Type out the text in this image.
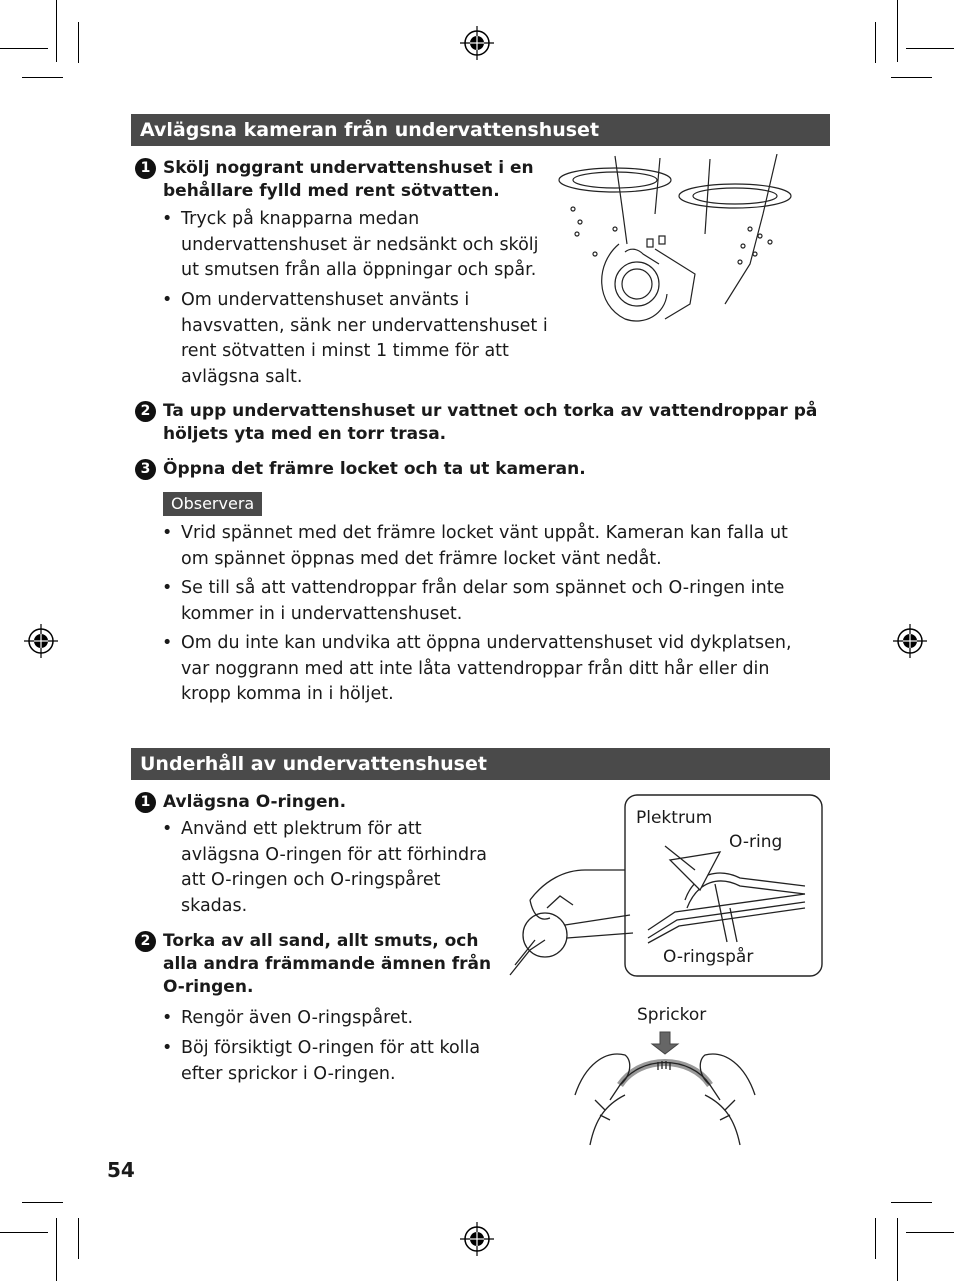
Avlägsna kameran från undervattenshuset
1 Skölj noggrant undervattenshuset i en behållare fylld med rent sötvatten.
• Tryck på knapparna medan undervattenshuset är nedsänkt och skölj ut smutsen från alla öppningar och spår.
• Om undervattenshuset använts i havsvatten, sänk ner undervattenshuset i rent sötvatten i minst 1 timme för att avlägsna salt.
2 Ta upp undervattenshuset ur vattnet och torka av vattendroppar på höljets yta med en torr trasa.
3 Öppna det främre locket och ta ut kameran.
Observera
• Vrid spännet med det främre locket vänt uppåt. Kameran kan falla ut om spännet öppnas med det främre locket vänt nedåt.
• Se till så att vattendroppar från delar som spännet och O-ringen inte kommer in i undervattenshuset.
• Om du inte kan undvika att öppna undervattenshuset vid dykplatsen, var noggrann med att inte låta vattendroppar från ditt hår eller din kropp komma in i höljet.
Underhåll av undervattenshuset
1 Avlägsna O-ringen.
• Använd ett plektrum för att avlägsna O-ringen för att förhindra att O-ringen och O-ringspåret skadas.
2 Torka av all sand, allt smuts, och alla andra främmande ämnen från O-ringen.
• Rengör även O-ringspåret.
• Böj försiktigt O-ringen för att kolla efter sprickor i O-ringen.
Plektrum
O-ring
O-ringspår
Sprickor
54
